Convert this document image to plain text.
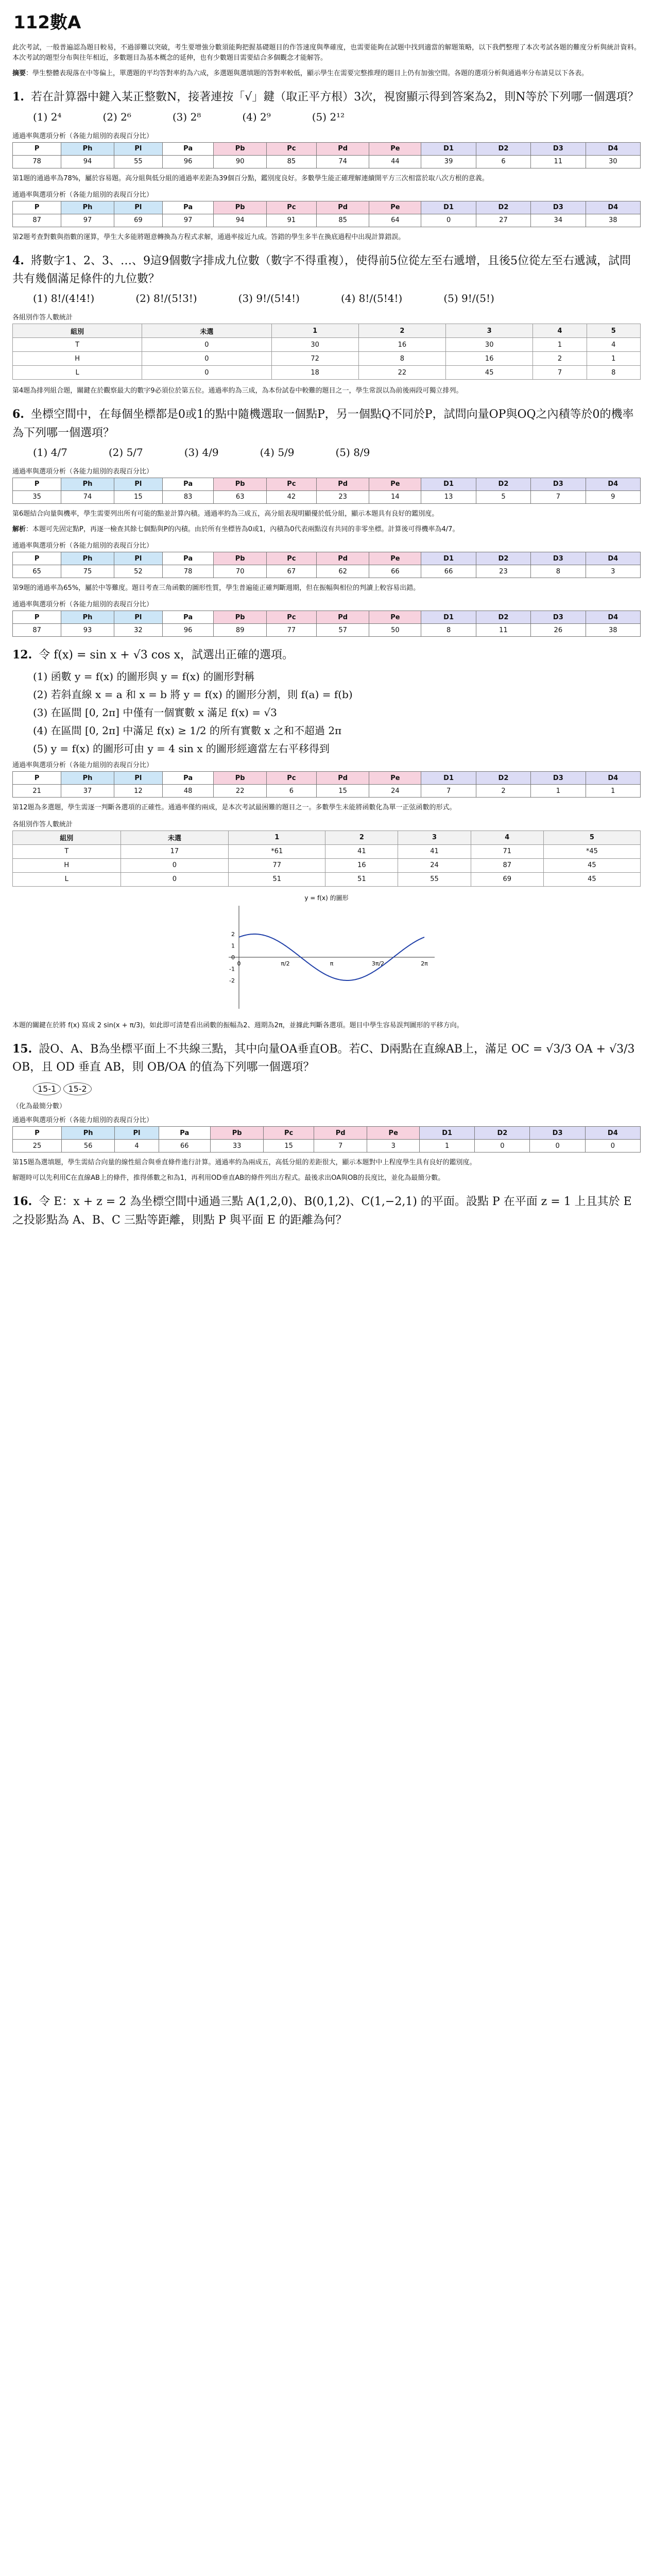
112數A

此次考試，一般普遍認為題目較易，不過卻難以突破，考生要增強分數須能夠把握基礎題目的作答速度與準確度，也需要能夠在試題中找到適當的解題策略，以下我們整理了本次考試各題的難度分析與統計資料。本次考試的題型分布與往年相近，多數題目為基本概念的延伸，也有少數題目需要結合多個觀念才能解答。

摘要：學生整體表現落在中等偏上，單選題的平均答對率約為六成，多選題與選填題的答對率較低，顯示學生在需要完整推理的題目上仍有加強空間。各題的選項分析與通過率分布請見以下各表。

1. 若在計算器中鍵入某正整數N，接著連按「√」鍵（取正平方根）3次，視窗顯示得到答案為2，則N等於下列哪一個選項？
(1) 2⁴	(2) 2⁶	(3) 2⁸	(4) 2⁹	(5) 2¹²
通過率與選項分析（各能力組別的表現百分比）
P	Ph	Pl	Pa	Pb	Pc	Pd	Pe	D1	D2	D3	D4
78	94	55	96	90	85	74	44	39	6	11	30

第1題的通過率為78%，屬於容易題。高分組與低分組的通過率差距為39個百分點，鑑別度良好。多數學生能正確理解連續開平方三次相當於取八次方根的意義。

通過率與選項分析（各能力組別的表現百分比）
P	Ph	Pl	Pa	Pb	Pc	Pd	Pe	D1	D2	D3	D4
87	97	69	97	94	91	85	64	0	27	34	38

第2題考查對數與指數的運算，學生大多能將題意轉換為方程式求解，通過率接近九成。答錯的學生多半在換底過程中出現計算錯誤。

4. 將數字1、2、3、…、9這9個數字排成九位數（數字不得重複），使得前5位從左至右遞增，且後5位從左至右遞減，試問共有幾個滿足條件的九位數？
(1) 8!/(4!4!)	(2) 8!/(5!3!)	(3) 9!/(5!4!)	(4) 8!/(5!4!)	(5) 9!/(5!)
各組別作答人數統計
組別	未選	1	2	3	4	5
T	0	30	16	30	1	4
H	0	72	8	16	2	1
L	0	18	22	45	7	8

第4題為排列組合題，關鍵在於觀察最大的數字9必須位於第五位。通過率約為三成，為本份試卷中較難的題目之一，學生常誤以為前後兩段可獨立排列。

6. 坐標空間中，在每個坐標都是0或1的點中隨機選取一個點P，另一個點Q不同於P，試問向量OP與OQ之內積等於0的機率為下列哪一個選項？
(1) 4/7	(2) 5/7	(3) 4/9	(4) 5/9	(5) 8/9
通過率與選項分析（各能力組別的表現百分比）
P	Ph	Pl	Pa	Pb	Pc	Pd	Pe	D1	D2	D3	D4
35	74	15	83	63	42	23	14	13	5	7	9

第6題結合向量與機率，學生需要列出所有可能的點並計算內積。通過率約為三成五，高分組表現明顯優於低分組，顯示本題具有良好的鑑別度。

解析：本題可先固定點P，再逐一檢查其餘七個點與P的內積。由於所有坐標皆為0或1，內積為0代表兩點沒有共同的非零坐標。計算後可得機率為4/7。

通過率與選項分析（各能力組別的表現百分比）
P	Ph	Pl	Pa	Pb	Pc	Pd	Pe	D1	D2	D3	D4
65	75	52	78	70	67	62	66	66	23	8	3

第9題的通過率為65%，屬於中等難度。題目考查三角函數的圖形性質，學生普遍能正確判斷週期，但在振幅與相位的判讀上較容易出錯。

通過率與選項分析（各能力組別的表現百分比）
P	Ph	Pl	Pa	Pb	Pc	Pd	Pe	D1	D2	D3	D4
87	93	32	96	89	77	57	50	8	11	26	38
12. 令 f(x) = sin x + √3 cos x，試選出正確的選項。
(1) 函數 y = f(x) 的圖形與 y = f(x) 的圖形對稱
(2) 若斜直線 x = a 和 x = b 將 y = f(x) 的圖形分割，則 f(a) = f(b)
(3) 在區間 [0, 2π] 中僅有一個實數 x 滿足 f(x) = √3
(4) 在區間 [0, 2π] 中滿足 f(x) ≥ 1/2 的所有實數 x 之和不超過 2π
(5) y = f(x) 的圖形可由 y = 4 sin x 的圖形經適當左右平移得到
通過率與選項分析（各能力組別的表現百分比）
P	Ph	Pl	Pa	Pb	Pc	Pd	Pe	D1	D2	D3	D4
21	37	12	48	22	6	15	24	7	2	1	1

第12題為多選題，學生需逐一判斷各選項的正確性。通過率僅約兩成，是本次考試最困難的題目之一。多數學生未能將函數化為單一正弦函數的形式。

各組別作答人數統計
組別	未選	1	2	3	4	5
T	17	*61	41	41	71	*45
H	0	77	16	24	87	45
L	0	51	51	55	69	45
y = f(x) 的圖形
0	π/2	π	3π/2	2π
2
1
0
-1
-2

本題的關鍵在於將 f(x) 寫成 2 sin(x + π/3)，如此即可清楚看出函數的振幅為2、週期為2π，並據此判斷各選項。題目中學生容易誤判圖形的平移方向。

15. 設O、A、B為坐標平面上不共線三點，其中向量OA垂直OB。若C、D兩點在直線AB上，滿足 OC = √3/3 OA + √3/3 OB，且 OD 垂直 AB，則 OB/OA 的值為下列哪一個選項？
15-1 15-2
（化為最簡分數）
通過率與選項分析（各能力組別的表現百分比）
P	Ph	Pl	Pa	Pb	Pc	Pd	Pe	D1	D2	D3	D4
25	56	4	66	33	15	7	3	1	0	0	0

第15題為選填題，學生需結合向量的線性組合與垂直條件進行計算。通過率約為兩成五，高低分組的差距很大，顯示本題對中上程度學生具有良好的鑑別度。

解題時可以先利用C在直線AB上的條件，推得係數之和為1，再利用OD垂直AB的條件列出方程式。最後求出OA與OB的長度比，並化為最簡分數。

16. 令 E：x + z = 2 為坐標空間中通過三點 A(1,2,0)、B(0,1,2)、C(1,−2,1) 的平面。設點 P 在平面 z = 1 上且其於 E 之投影點為 A、B、C 三點等距離，則點 P 與平面 E 的距離為何？
